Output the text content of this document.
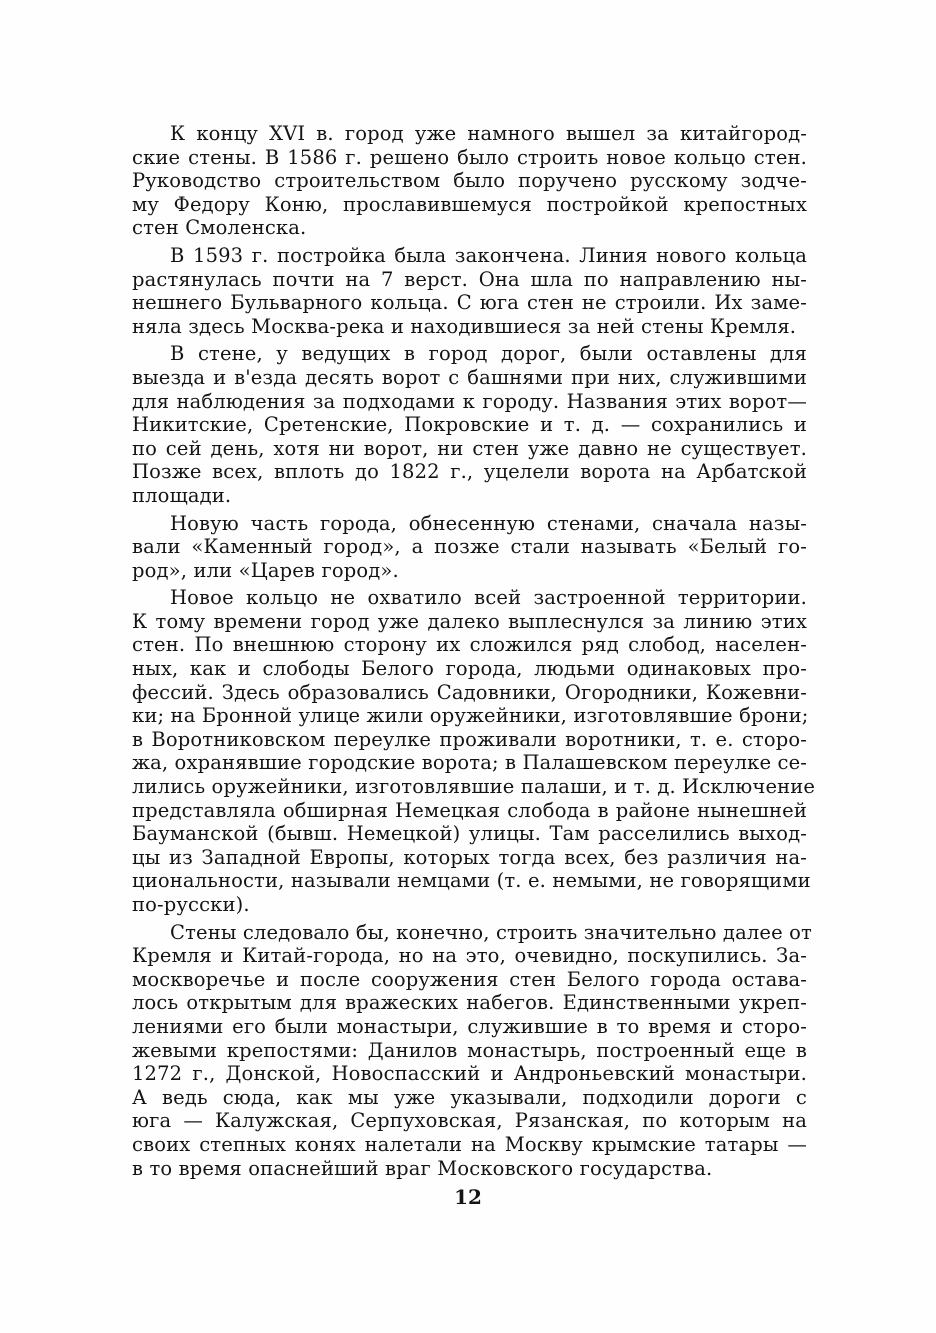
К концу XVI в. город уже намного вышел за китайгород-
ские стены. В 1586 г. решено было строить новое кольцо стен.
Руководство строительством было поручено русскому зодче-
му Федору Коню, прославившемуся постройкой крепостных
стен Смоленска.
В 1593 г. постройка была закончена. Линия нового кольца
растянулась почти на 7 верст. Она шла по направлению ны-
нешнего Бульварного кольца. С юга стен не строили. Их заме-
няла здесь Москва-река и находившиеся за ней стены Кремля.
В стене, у ведущих в город дорог, были оставлены для
выезда и в'езда десять ворот с башнями при них, служившими
для наблюдения за подходами к городу. Названия этих ворот—
Никитские, Сретенские, Покровские и т. д. — сохранились и
по сей день, хотя ни ворот, ни стен уже давно не существует.
Позже всех, вплоть до 1822 г., уцелели ворота на Арбатской
площади.
Новую часть города, обнесенную стенами, сначала назы-
вали «Каменный город», а позже стали называть «Белый го-
род», или «Царев город».
Новое кольцо не охватило всей застроенной территории.
К тому времени город уже далеко выплеснулся за линию этих
стен. По внешнюю сторону их сложился ряд слобод, населен-
ных, как и слободы Белого города, людьми одинаковых про-
фессий. Здесь образовались Садовники, Огородники, Кожевни-
ки; на Бронной улице жили оружейники, изготовлявшие брони;
в Воротниковском переулке проживали воротники, т. е. сторо-
жа, охранявшие городские ворота; в Палашевском переулке се-
лились оружейники, изготовлявшие палаши, и т. д. Исключение
представляла обширная Немецкая слобода в районе нынешней
Бауманской (бывш. Немецкой) улицы. Там расселились выход-
цы из Западной Европы, которых тогда всех, без различия на-
циональности, называли немцами (т. е. немыми, не говорящими
по-русски).
Стены следовало бы, конечно, строить значительно далее от
Кремля и Китай-города, но на это, очевидно, поскупились. За-
москворечье и после сооружения стен Белого города остава-
лось открытым для вражеских набегов. Единственными укреп-
лениями его были монастыри, служившие в то время и сторо-
жевыми крепостями: Данилов монастырь, построенный еще в
1272 г., Донской, Новоспасский и Андроньевский монастыри.
А ведь сюда, как мы уже указывали, подходили дороги с
юга — Калужская, Серпуховская, Рязанская, по которым на
своих степных конях налетали на Москву крымские татары —
в то время опаснейший враг Московского государства.
12
